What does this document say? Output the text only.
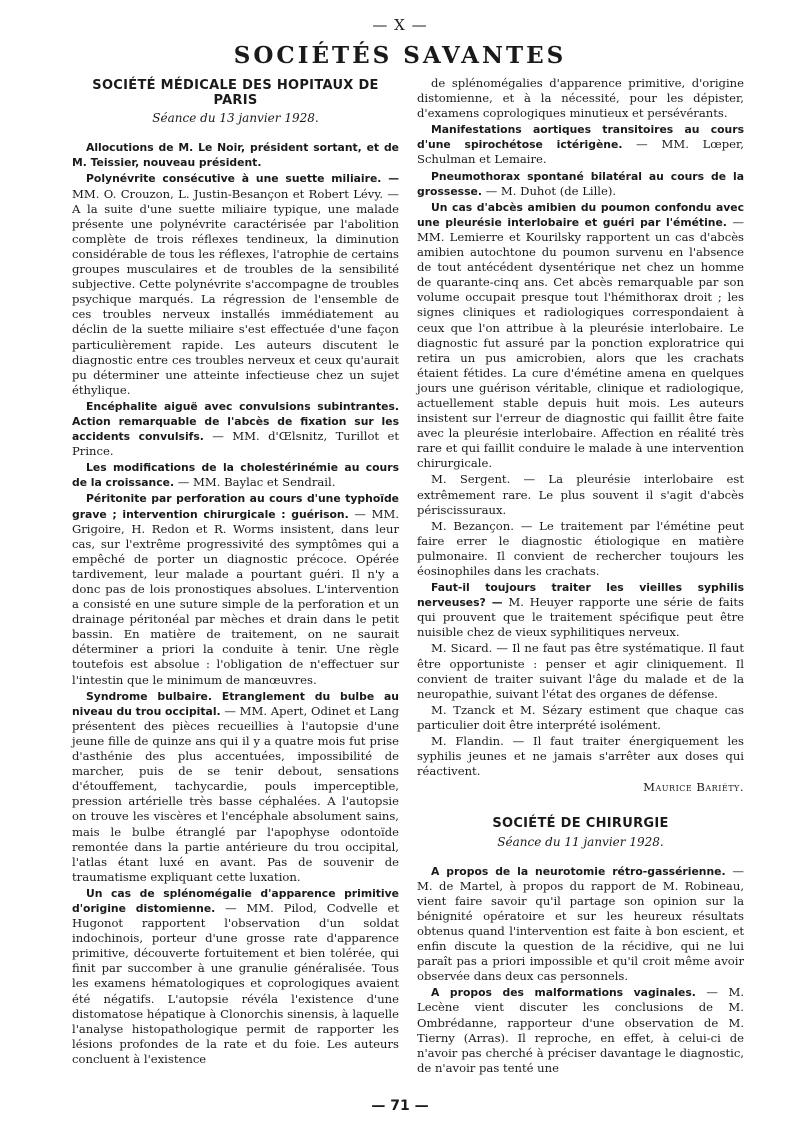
— X —
SOCIÉTÉS SAVANTES
SOCIÉTÉ MÉDICALE DES HOPITAUX DE PARIS
Séance du 13 janvier 1928.

Allocutions de M. Le Noir, président sortant, et de M. Teissier, nouveau président.

Polynévrite consécutive à une suette miliaire. — MM. O. Crouzon, L. Justin-Besançon et Robert Lévy. — A la suite d'une suette miliaire typique, une malade présente une polynévrite caractérisée par l'abolition complète de trois réflexes tendineux, la diminution considérable de tous les réflexes, l'atrophie de certains groupes musculaires et de troubles de la sensibilité subjective. Cette polynévrite s'accompagne de troubles psychique marqués. La régression de l'ensemble de ces troubles nerveux installés immédiatement au déclin de la suette miliaire s'est effectuée d'une façon particulièrement rapide. Les auteurs discutent le diagnostic entre ces troubles nerveux et ceux qu'aurait pu déterminer une atteinte infectieuse chez un sujet éthylique.

Encéphalite aiguë avec convulsions subintrantes. Action remarquable de l'abcès de fixation sur les accidents convulsifs. — MM. d'Œlsnitz, Turillot et Prince.

Les modifications de la cholestérinémie au cours de la croissance. — MM. Baylac et Sendrail.

Péritonite par perforation au cours d'une typhoïde grave ; intervention chirurgicale : guérison. — MM. Grigoire, H. Redon et R. Worms insistent, dans leur cas, sur l'extrême progressivité des symptômes qui a empêché de porter un diagnostic précoce. Opérée tardivement, leur malade a pourtant guéri. Il n'y a donc pas de lois pronostiques absolues. L'intervention a consisté en une suture simple de la perforation et un drainage péritonéal par mèches et drain dans le petit bassin. En matière de traitement, on ne saurait déterminer a priori la conduite à tenir. Une règle toutefois est absolue : l'obligation de n'effectuer sur l'intestin que le minimum de manœuvres.

Syndrome bulbaire. Etranglement du bulbe au niveau du trou occipital. — MM. Apert, Odinet et Lang présentent des pièces recueillies à l'autopsie d'une jeune fille de quinze ans qui il y a quatre mois fut prise d'asthénie des plus accentuées, impossibilité de marcher, puis de se tenir debout, sensations d'étouffement, tachycardie, pouls imperceptible, pression artérielle très basse céphalées. A l'autopsie on trouve les viscères et l'encéphale absolument sains, mais le bulbe étranglé par l'apophyse odontoïde remontée dans la partie antérieure du trou occipital, l'atlas étant luxé en avant. Pas de souvenir de traumatisme expliquant cette luxation.

Un cas de splénomégalie d'apparence primitive d'origine distomienne. — MM. Pilod, Codvelle et Hugonot rapportent l'observation d'un soldat indochinois, porteur d'une grosse rate d'apparence primitive, découverte fortuitement et bien tolérée, qui finit par succomber à une granulie généralisée. Tous les examens hématologiques et coprologiques avaient été négatifs. L'autopsie révéla l'existence d'une distomatose hépatique à Clonorchis sinensis, à laquelle l'analyse histopathologique permit de rapporter les lésions profondes de la rate et du foie. Les auteurs concluent à l'existence

de splénomégalies d'apparence primitive, d'origine distomienne, et à la nécessité, pour les dépister, d'examens coprologiques minutieux et persévérants.

Manifestations aortiques transitoires au cours d'une spirochétose ictérigène. — MM. Lœper, Schulman et Lemaire.

Pneumothorax spontané bilatéral au cours de la grossesse. — M. Duhot (de Lille).

Un cas d'abcès amibien du poumon confondu avec une pleurésie interlobaire et guéri par l'émétine. — MM. Lemierre et Kourilsky rapportent un cas d'abcès amibien autochtone du poumon survenu en l'absence de tout antécédent dysentérique net chez un homme de quarante-cinq ans. Cet abcès remarquable par son volume occupait presque tout l'hémithorax droit ; les signes cliniques et radiologiques correspondaient à ceux que l'on attribue à la pleurésie interlobaire. Le diagnostic fut assuré par la ponction exploratrice qui retira un pus amicrobien, alors que les crachats étaient fétides. La cure d'émétine amena en quelques jours une guérison véritable, clinique et radiologique, actuellement stable depuis huit mois. Les auteurs insistent sur l'erreur de diagnostic qui faillit être faite avec la pleurésie interlobaire. Affection en réalité très rare et qui faillit conduire le malade à une intervention chirurgicale.

M. Sergent. — La pleurésie interlobaire est extrêmement rare. Le plus souvent il s'agit d'abcès périscissuraux.

M. Bezançon. — Le traitement par l'émétine peut faire errer le diagnostic étiologique en matière pulmonaire. Il convient de rechercher toujours les éosinophiles dans les crachats.

Faut-il toujours traiter les vieilles syphilis nerveuses? — M. Heuyer rapporte une série de faits qui prouvent que le traitement spécifique peut être nuisible chez de vieux syphilitiques nerveux.

M. Sicard. — Il ne faut pas être systématique. Il faut être opportuniste : penser et agir cliniquement. Il convient de traiter suivant l'âge du malade et de la neuropathie, suivant l'état des organes de défense.

M. Tzanck et M. Sézary estiment que chaque cas particulier doit être interprété isolément.

M. Flandin. — Il faut traiter énergiquement les syphilis jeunes et ne jamais s'arrêter aux doses qui réactivent.

Maurice Bariéty.

SOCIÉTÉ DE CHIRURGIE
Séance du 11 janvier 1928.

A propos de la neurotomie rétro-gassérienne. — M. de Martel, à propos du rapport de M. Robineau, vient faire savoir qu'il partage son opinion sur la bénignité opératoire et sur les heureux résultats obtenus quand l'intervention est faite à bon escient, et enfin discute la question de la récidive, qui ne lui paraît pas a priori impossible et qu'il croit même avoir observée dans deux cas personnels.

A propos des malformations vaginales. — M. Lecène vient discuter les conclusions de M. Ombrédanne, rapporteur d'une observation de M. Tierny (Arras). Il reproche, en effet, à celui-ci de n'avoir pas cherché à préciser davantage le diagnostic, de n'avoir pas tenté une

— 71 —
